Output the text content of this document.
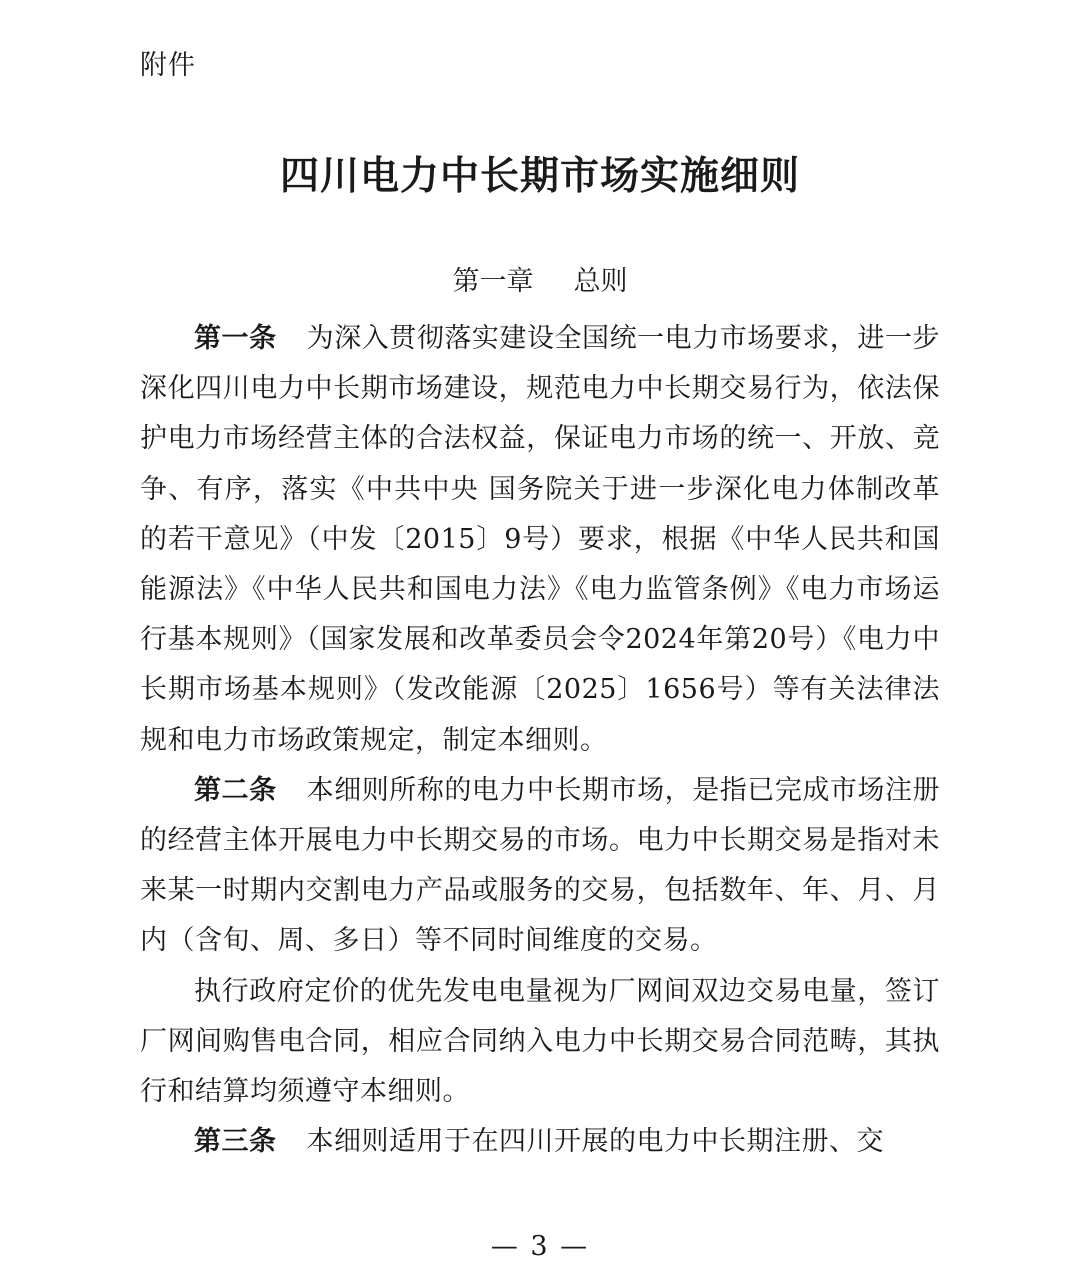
附件
四川电力中长期市场实施细则
第一章 总则

第一条 为深入贯彻落实建设全国统一电力市场要求，进一步深化四川电力中长期市场建设，规范电力中长期交易行为，依法保护电力市场经营主体的合法权益，保证电力市场的统一、开放、竞争、有序，落实《中共中央 国务院关于进一步深化电力体制改革的若干意见》（中发〔2015〕9号）要求，根据《中华人民共和国能源法》《中华人民共和国电力法》《电力监管条例》《电力市场运行基本规则》（国家发展和改革委员会令2024年第20号）《电力中长期市场基本规则》（发改能源〔2025〕1656号）等有关法律法规和电力市场政策规定，制定本细则。

第二条 本细则所称的电力中长期市场，是指已完成市场注册的经营主体开展电力中长期交易的市场。电力中长期交易是指对未来某一时期内交割电力产品或服务的交易，包括数年、年、月、月内（含旬、周、多日）等不同时间维度的交易。

执行政府定价的优先发电电量视为厂网间双边交易电量，签订厂网间购售电合同，相应合同纳入电力中长期交易合同范畴，其执行和结算均须遵守本细则。

第三条 本细则适用于在四川开展的电力中长期注册、交

— 3 —
